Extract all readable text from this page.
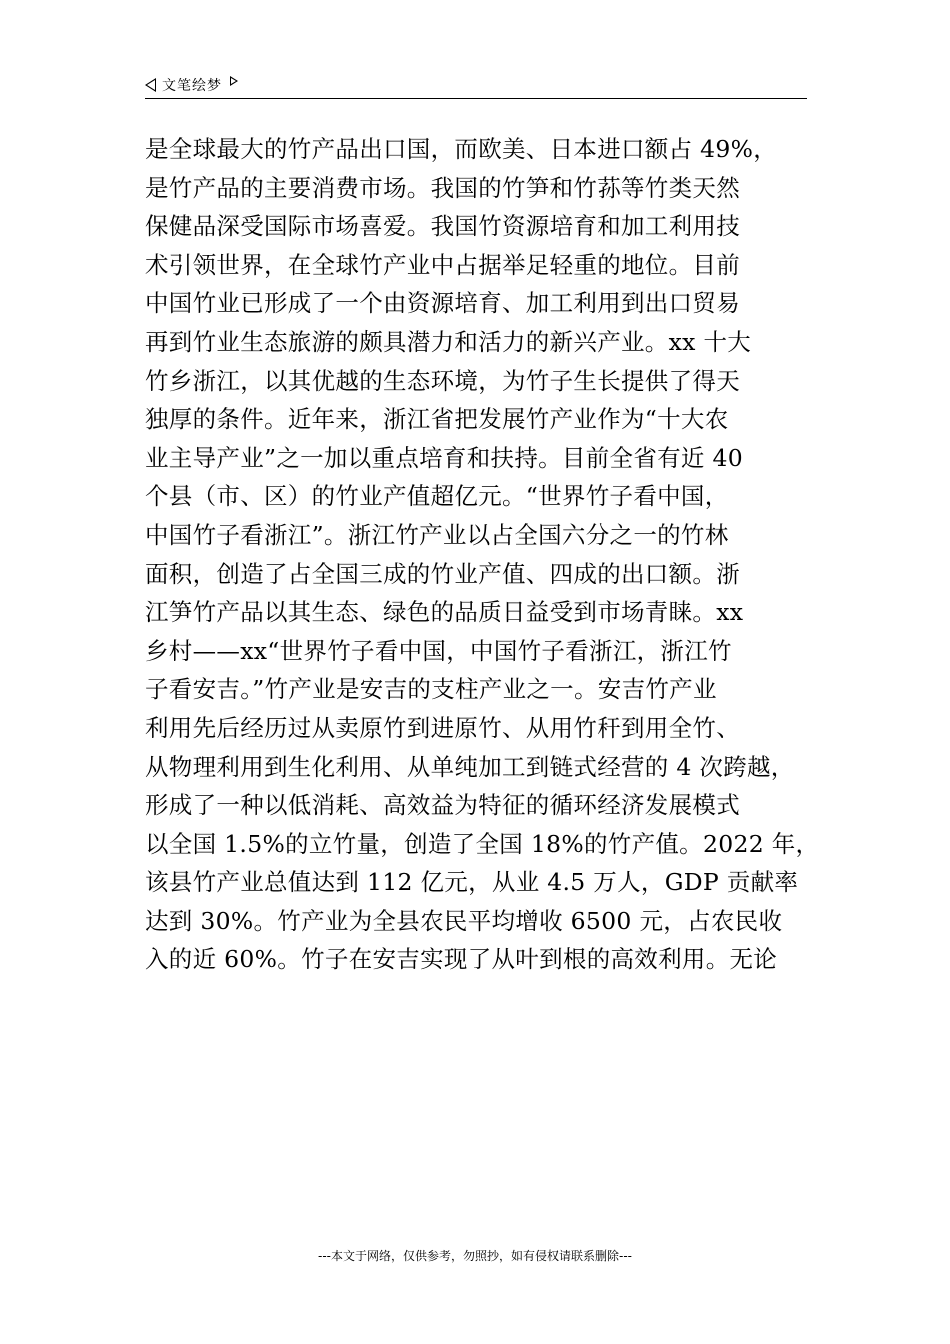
文笔绘梦
是全球最大的竹产品出口国，而欧美、日本进口额占 49%，
是竹产品的主要消费市场。我国的竹笋和竹荪等竹类天然
保健品深受国际市场喜爱。我国竹资源培育和加工利用技
术引领世界，在全球竹产业中占据举足轻重的地位。目前
中国竹业已形成了一个由资源培育、加工利用到出口贸易
再到竹业生态旅游的颇具潜力和活力的新兴产业。xx 十大
竹乡浙江，以其优越的生态环境，为竹子生长提供了得天
独厚的条件。近年来，浙江省把发展竹产业作为“十大农
业主导产业”之一加以重点培育和扶持。目前全省有近 40
个县（市、区）的竹业产值超亿元。“世界竹子看中国，
中国竹子看浙江”。浙江竹产业以占全国六分之一的竹林
面积，创造了占全国三成的竹业产值、四成的出口额。浙
江笋竹产品以其生态、绿色的品质日益受到市场青睐。xx
乡村——xx“世界竹子看中国，中国竹子看浙江，浙江竹
子看安吉。”竹产业是安吉的支柱产业之一。安吉竹产业
利用先后经历过从卖原竹到进原竹、从用竹秆到用全竹、
从物理利用到生化利用、从单纯加工到链式经营的 4 次跨越，
形成了一种以低消耗、高效益为特征的循环经济发展模式
以全国 1.5%的立竹量，创造了全国 18%的竹产值。2022 年，
该县竹产业总值达到 112 亿元，从业 4.5 万人，GDP 贡献率
达到 30%。竹产业为全县农民平均增收 6500 元，占农民收
入的近 60%。竹子在安吉实现了从叶到根的高效利用。无论
---本文于网络，仅供参考，勿照抄，如有侵权请联系删除---
